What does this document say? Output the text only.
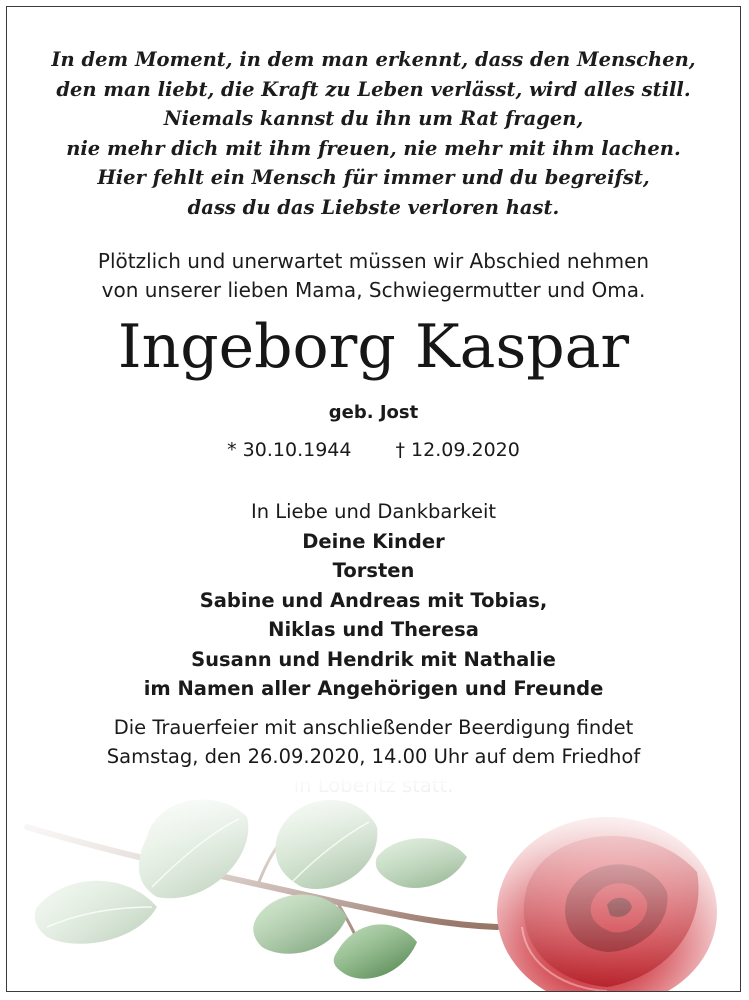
In dem Moment, in dem man erkennt, dass den Menschen,
den man liebt, die Kraft zu Leben verlässt, wird alles still.
Niemals kannst du ihn um Rat fragen,
nie mehr dich mit ihm freuen, nie mehr mit ihm lachen.
Hier fehlt ein Mensch für immer und du begreifst,
dass du das Liebste verloren hast.
Plötzlich und unerwartet müssen wir Abschied nehmen
von unserer lieben Mama, Schwiegermutter und Oma.
Ingeborg Kaspar
geb. Jost
* 30.10.1944 † 12.09.2020
In Liebe und Dankbarkeit
Deine Kinder
Torsten
Sabine und Andreas mit Tobias,
Niklas und Theresa
Susann und Hendrik mit Nathalie
im Namen aller Angehörigen und Freunde
Die Trauerfeier mit anschließender Beerdigung findet
Samstag, den 26.09.2020, 14.00 Uhr auf dem Friedhof
